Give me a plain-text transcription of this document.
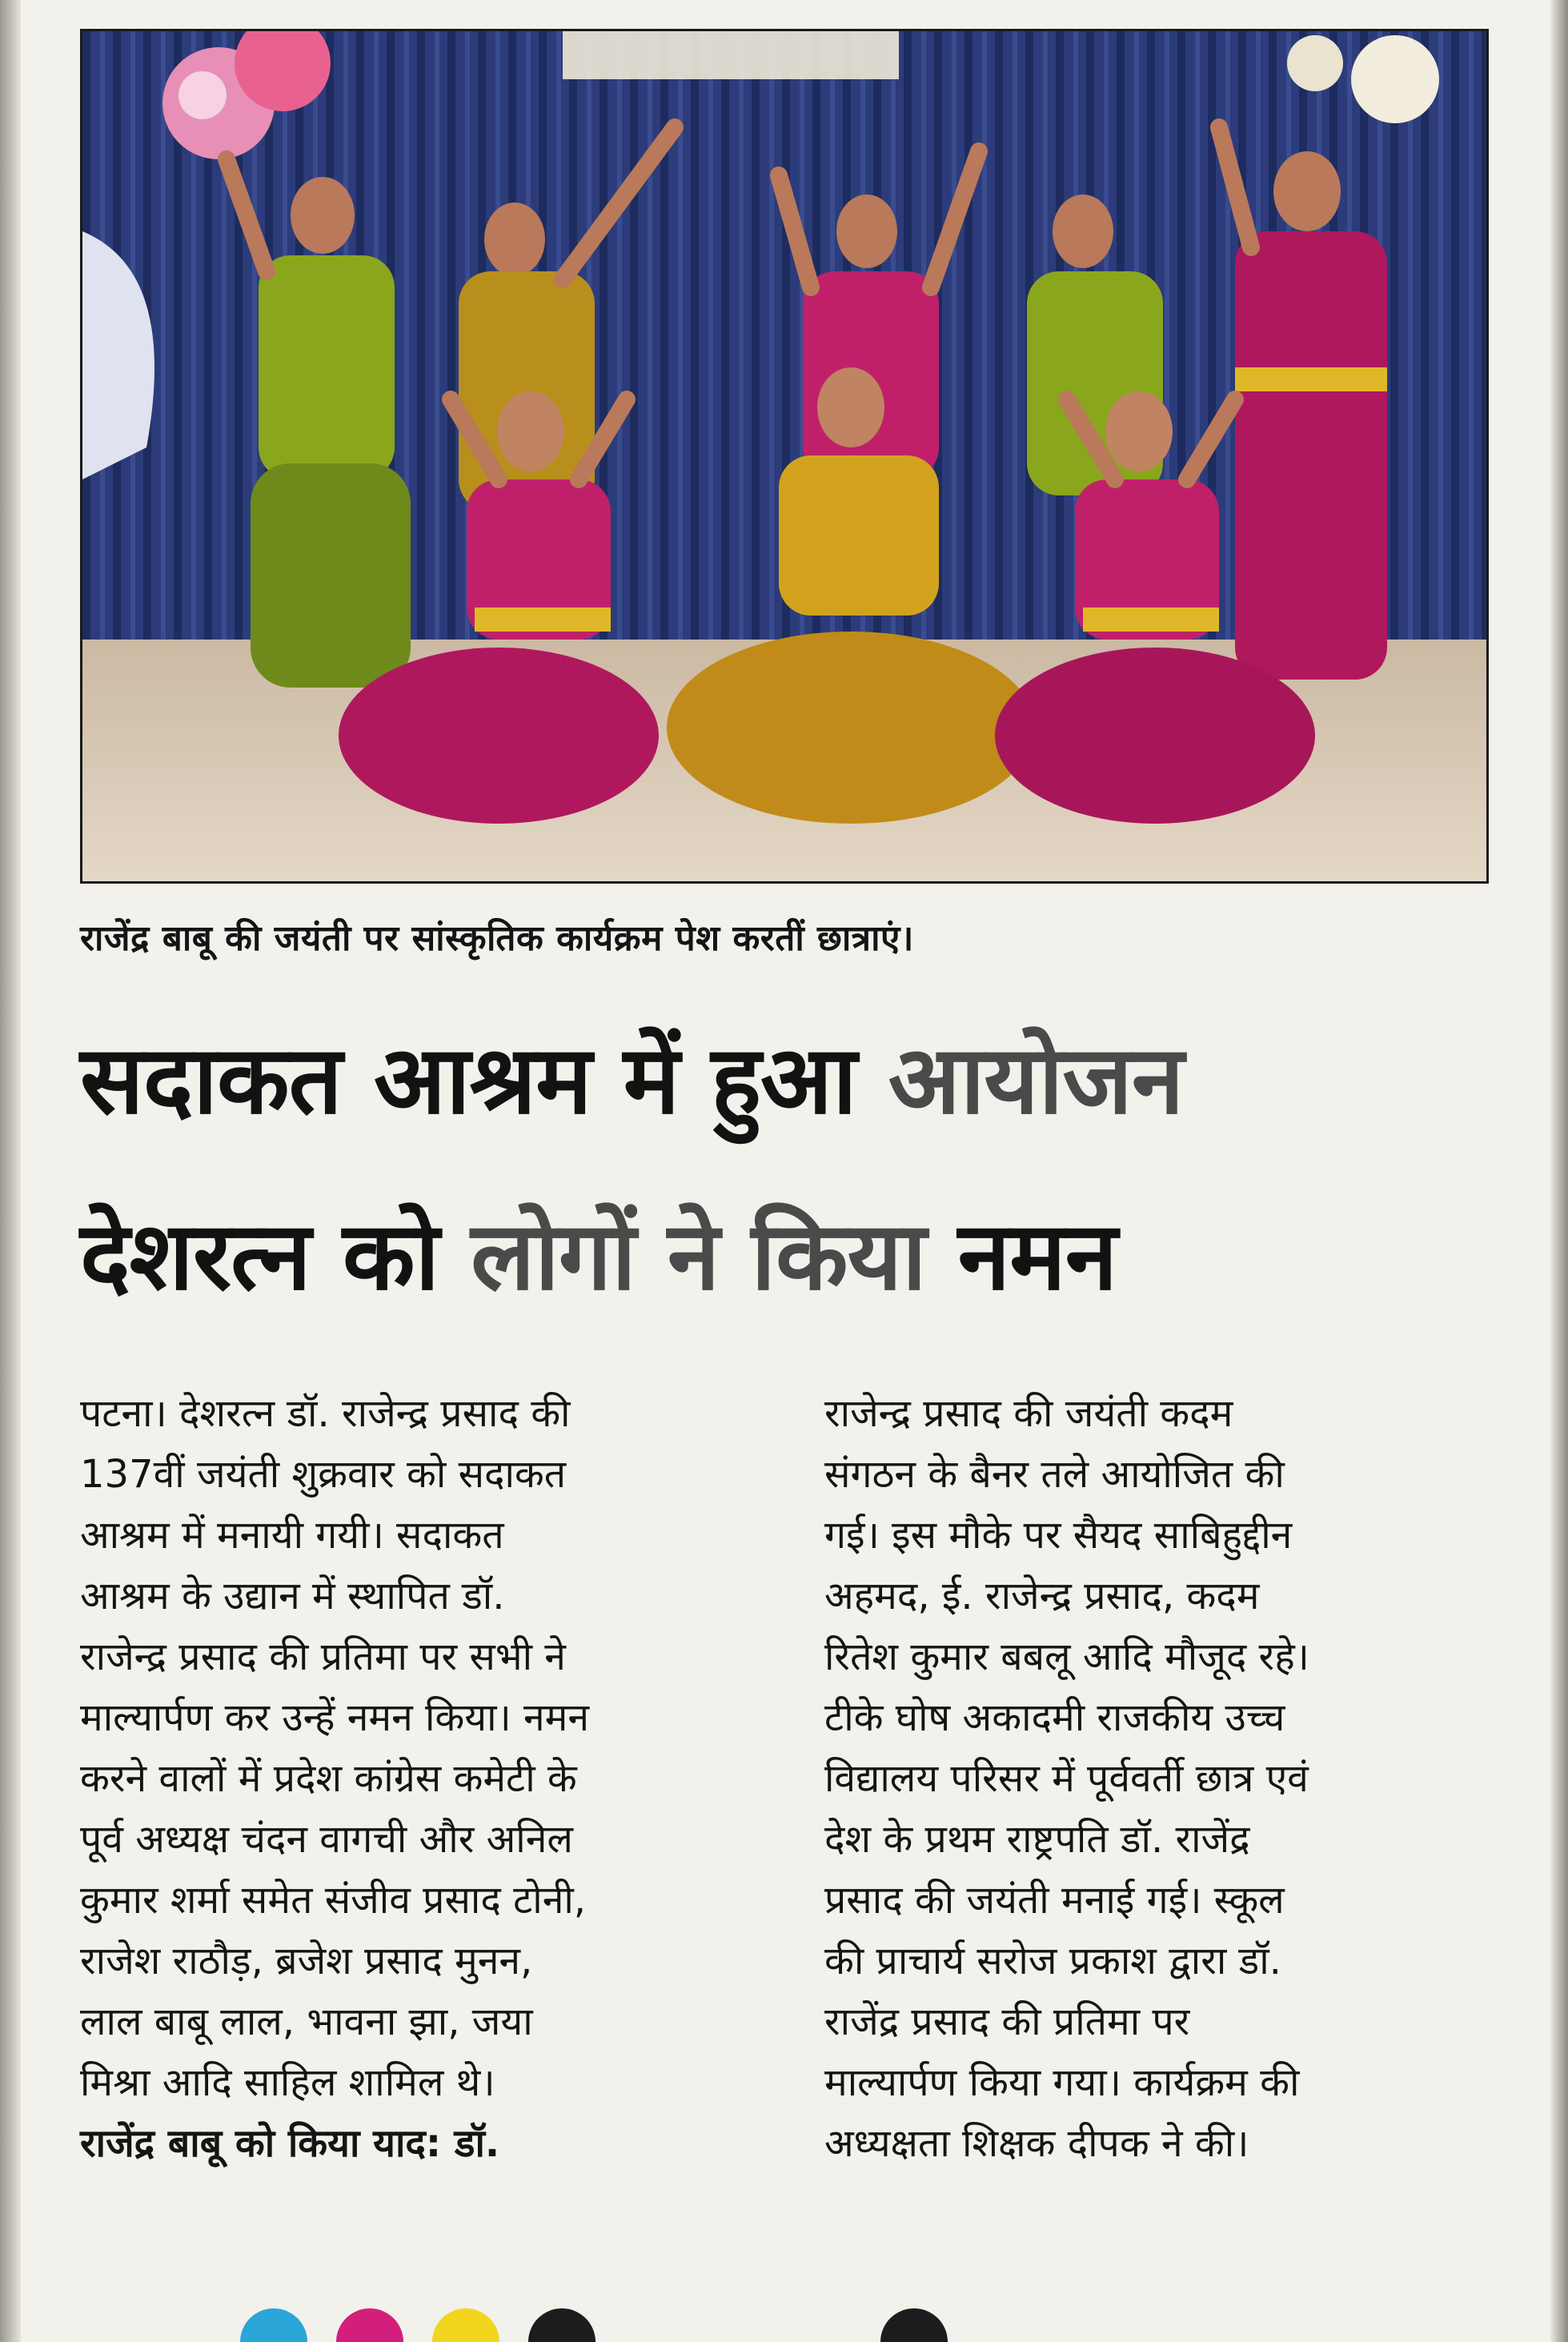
राजेंद्र बाबू की जयंती पर सांस्कृतिक कार्यक्रम पेश करतीं छात्राएं।
सदाकत आश्रम में हुआ आयोजन
देशरत्न को लोगों ने किया नमन

पटना। देशरत्न डॉ. राजेन्द्र प्रसाद की

137वीं जयंती शुक्रवार को सदाकत

आश्रम में मनायी गयी। सदाकत

आश्रम के उद्यान में स्थापित डॉ.

राजेन्द्र प्रसाद की प्रतिमा पर सभी ने

माल्यार्पण कर उन्हें नमन किया। नमन

करने वालों में प्रदेश कांग्रेस कमेटी के

पूर्व अध्यक्ष चंदन वागची और अनिल

कुमार शर्मा समेत संजीव प्रसाद टोनी,

राजेश राठौड़, ब्रजेश प्रसाद मुनन,

लाल बाबू लाल, भावना झा, जया

मिश्रा आदि साहिल शामिल थे।

राजेंद्र बाबू को किया याद: डॉ.

राजेन्द्र प्रसाद की जयंती कदम

संगठन के बैनर तले आयोजित की

गई। इस मौके पर सैयद साबिहुद्दीन

अहमद, ई. राजेन्द्र प्रसाद, कदम

रितेश कुमार बबलू आदि मौजूद रहे।

टीके घोष अकादमी राजकीय उच्च

विद्यालय परिसर में पूर्ववर्ती छात्र एवं

देश के प्रथम राष्ट्रपति डॉ. राजेंद्र

प्रसाद की जयंती मनाई गई। स्कूल

की प्राचार्य सरोज प्रकाश द्वारा डॉ.

राजेंद्र प्रसाद की प्रतिमा पर

माल्यार्पण किया गया। कार्यक्रम की

अध्यक्षता शिक्षक दीपक ने की।
